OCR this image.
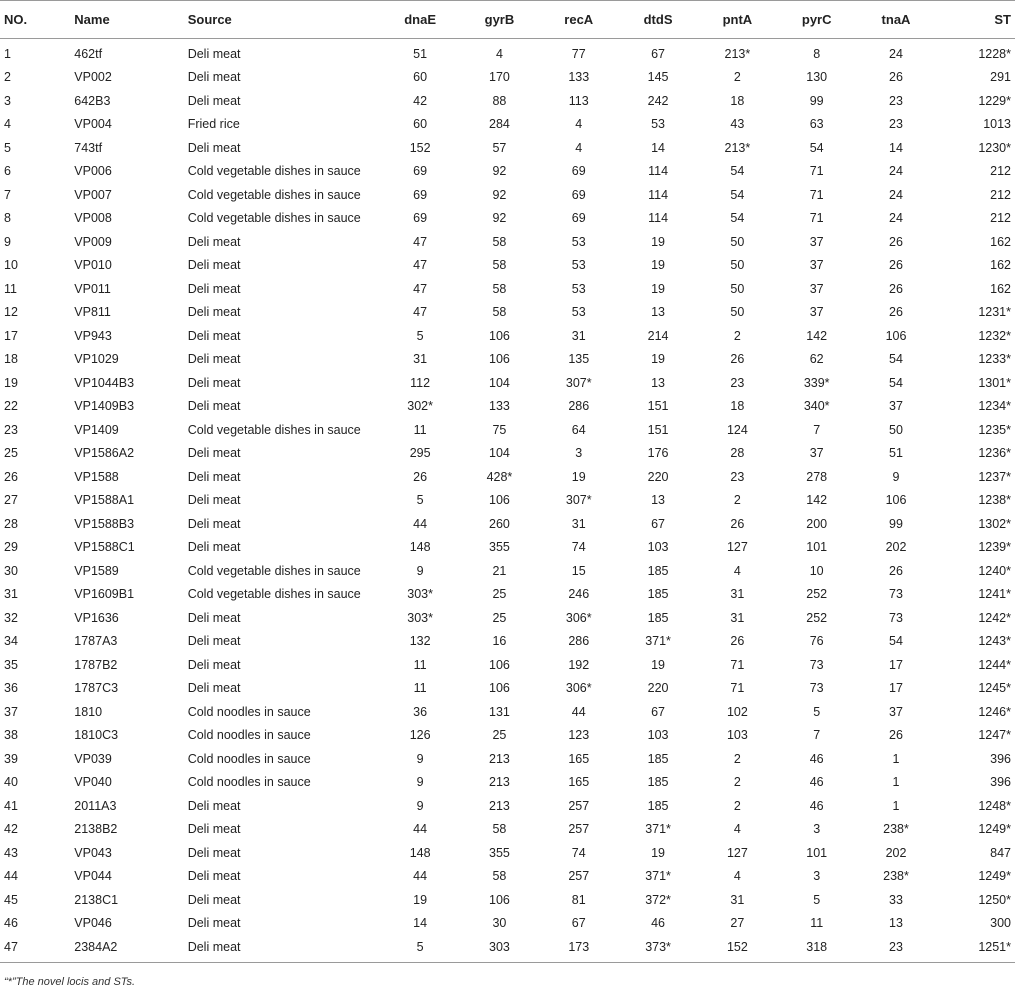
NO.	Name	Source	dnaE	gyrB	recA	dtdS	pntA	pyrC	tnaA	ST
1	462tf	Deli meat	51	4	77	67	213*	8	24	1228*
2	VP002	Deli meat	60	170	133	145	2	130	26	291
3	642B3	Deli meat	42	88	113	242	18	99	23	1229*
4	VP004	Fried rice	60	284	4	53	43	63	23	1013
5	743tf	Deli meat	152	57	4	14	213*	54	14	1230*
6	VP006	Cold vegetable dishes in sauce	69	92	69	114	54	71	24	212
7	VP007	Cold vegetable dishes in sauce	69	92	69	114	54	71	24	212
8	VP008	Cold vegetable dishes in sauce	69	92	69	114	54	71	24	212
9	VP009	Deli meat	47	58	53	19	50	37	26	162
10	VP010	Deli meat	47	58	53	19	50	37	26	162
11	VP011	Deli meat	47	58	53	19	50	37	26	162
12	VP811	Deli meat	47	58	53	13	50	37	26	1231*
17	VP943	Deli meat	5	106	31	214	2	142	106	1232*
18	VP1029	Deli meat	31	106	135	19	26	62	54	1233*
19	VP1044B3	Deli meat	112	104	307*	13	23	339*	54	1301*
22	VP1409B3	Deli meat	302*	133	286	151	18	340*	37	1234*
23	VP1409	Cold vegetable dishes in sauce	11	75	64	151	124	7	50	1235*
25	VP1586A2	Deli meat	295	104	3	176	28	37	51	1236*
26	VP1588	Deli meat	26	428*	19	220	23	278	9	1237*
27	VP1588A1	Deli meat	5	106	307*	13	2	142	106	1238*
28	VP1588B3	Deli meat	44	260	31	67	26	200	99	1302*
29	VP1588C1	Deli meat	148	355	74	103	127	101	202	1239*
30	VP1589	Cold vegetable dishes in sauce	9	21	15	185	4	10	26	1240*
31	VP1609B1	Cold vegetable dishes in sauce	303*	25	246	185	31	252	73	1241*
32	VP1636	Deli meat	303*	25	306*	185	31	252	73	1242*
34	1787A3	Deli meat	132	16	286	371*	26	76	54	1243*
35	1787B2	Deli meat	11	106	192	19	71	73	17	1244*
36	1787C3	Deli meat	11	106	306*	220	71	73	17	1245*
37	1810	Cold noodles in sauce	36	131	44	67	102	5	37	1246*
38	1810C3	Cold noodles in sauce	126	25	123	103	103	7	26	1247*
39	VP039	Cold noodles in sauce	9	213	165	185	2	46	1	396
40	VP040	Cold noodles in sauce	9	213	165	185	2	46	1	396
41	2011A3	Deli meat	9	213	257	185	2	46	1	1248*
42	2138B2	Deli meat	44	58	257	371*	4	3	238*	1249*
43	VP043	Deli meat	148	355	74	19	127	101	202	847
44	VP044	Deli meat	44	58	257	371*	4	3	238*	1249*
45	2138C1	Deli meat	19	106	81	372*	31	5	33	1250*
46	VP046	Deli meat	14	30	67	46	27	11	13	300
47	2384A2	Deli meat	5	303	173	373*	152	318	23	1251*
“*”The novel locis and STs.
